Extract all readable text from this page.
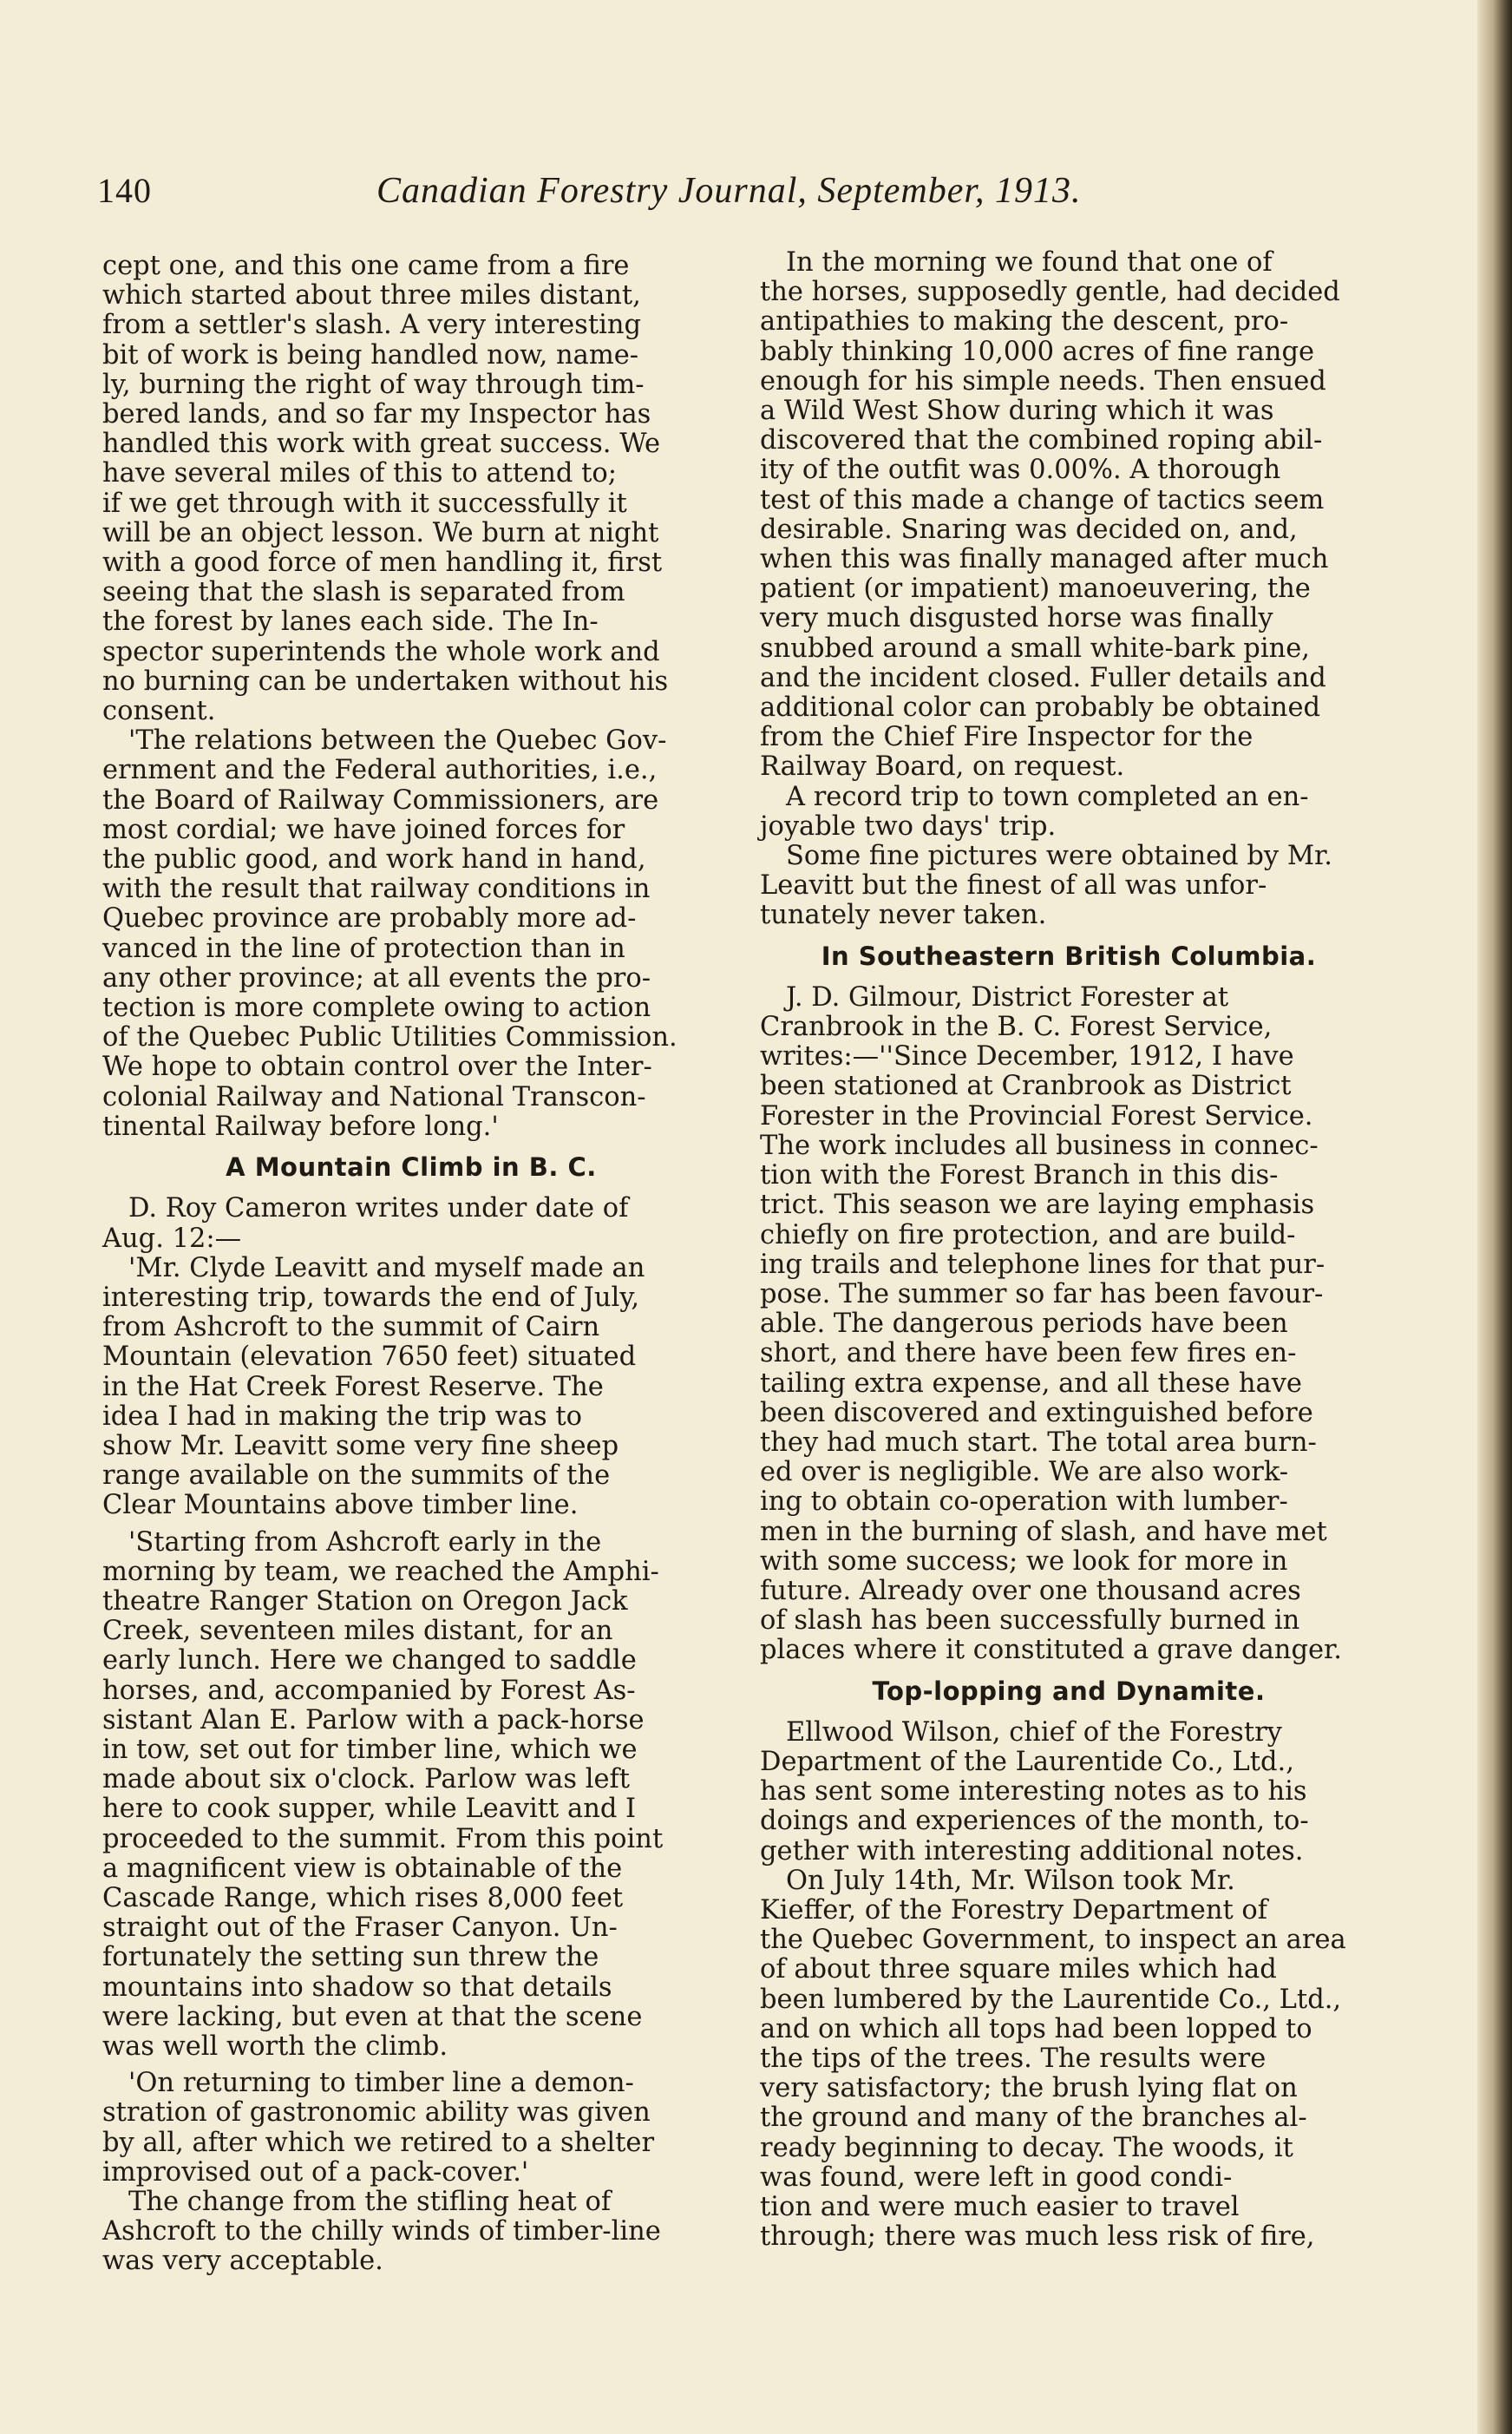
140	Canadian Forestry Journal, September, 1913.

cept one, and this one came from a fire
which started about three miles distant,
from a settler's slash. A very interesting
bit of work is being handled now, name-
ly, burning the right of way through tim-
bered lands, and so far my Inspector has
handled this work with great success. We
have several miles of this to attend to;
if we get through with it successfully it
will be an object lesson. We burn at night
with a good force of men handling it, first
seeing that the slash is separated from
the forest by lanes each side. The In-
spector superintends the whole work and
no burning can be undertaken without his
consent.

'The relations between the Quebec Gov-
ernment and the Federal authorities, i.e.,
the Board of Railway Commissioners, are
most cordial; we have joined forces for
the public good, and work hand in hand,
with the result that railway conditions in
Quebec province are probably more ad-
vanced in the line of protection than in
any other province; at all events the pro-
tection is more complete owing to action
of the Quebec Public Utilities Commission.
We hope to obtain control over the Inter-
colonial Railway and National Transcon-
tinental Railway before long.'

A Mountain Climb in B. C.

D. Roy Cameron writes under date of
Aug. 12:—

'Mr. Clyde Leavitt and myself made an
interesting trip, towards the end of July,
from Ashcroft to the summit of Cairn
Mountain (elevation 7650 feet) situated
in the Hat Creek Forest Reserve. The
idea I had in making the trip was to
show Mr. Leavitt some very fine sheep
range available on the summits of the
Clear Mountains above timber line.

'Starting from Ashcroft early in the
morning by team, we reached the Amphi-
theatre Ranger Station on Oregon Jack
Creek, seventeen miles distant, for an
early lunch. Here we changed to saddle
horses, and, accompanied by Forest As-
sistant Alan E. Parlow with a pack-horse
in tow, set out for timber line, which we
made about six o'clock. Parlow was left
here to cook supper, while Leavitt and I
proceeded to the summit. From this point
a magnificent view is obtainable of the
Cascade Range, which rises 8,000 feet
straight out of the Fraser Canyon. Un-
fortunately the setting sun threw the
mountains into shadow so that details
were lacking, but even at that the scene
was well worth the climb.

'On returning to timber line a demon-
stration of gastronomic ability was given
by all, after which we retired to a shelter
improvised out of a pack-cover.'

The change from the stifling heat of
Ashcroft to the chilly winds of timber-line
was very acceptable.

In the morning we found that one of
the horses, supposedly gentle, had decided
antipathies to making the descent, pro-
bably thinking 10,000 acres of fine range
enough for his simple needs. Then ensued
a Wild West Show during which it was
discovered that the combined roping abil-
ity of the outfit was 0.00%. A thorough
test of this made a change of tactics seem
desirable. Snaring was decided on, and,
when this was finally managed after much
patient (or impatient) manoeuvering, the
very much disgusted horse was finally
snubbed around a small white-bark pine,
and the incident closed. Fuller details and
additional color can probably be obtained
from the Chief Fire Inspector for the
Railway Board, on request.

A record trip to town completed an en-
joyable two days' trip.

Some fine pictures were obtained by Mr.
Leavitt but the finest of all was unfor-
tunately never taken.

In Southeastern British Columbia.

J. D. Gilmour, District Forester at
Cranbrook in the B. C. Forest Service,
writes:—''Since December, 1912, I have
been stationed at Cranbrook as District
Forester in the Provincial Forest Service.
The work includes all business in connec-
tion with the Forest Branch in this dis-
trict. This season we are laying emphasis
chiefly on fire protection, and are build-
ing trails and telephone lines for that pur-
pose. The summer so far has been favour-
able. The dangerous periods have been
short, and there have been few fires en-
tailing extra expense, and all these have
been discovered and extinguished before
they had much start. The total area burn-
ed over is negligible. We are also work-
ing to obtain co-operation with lumber-
men in the burning of slash, and have met
with some success; we look for more in
future. Already over one thousand acres
of slash has been successfully burned in
places where it constituted a grave danger.

Top-lopping and Dynamite.

Ellwood Wilson, chief of the Forestry
Department of the Laurentide Co., Ltd.,
has sent some interesting notes as to his
doings and experiences of the month, to-
gether with interesting additional notes.

On July 14th, Mr. Wilson took Mr.
Kieffer, of the Forestry Department of
the Quebec Government, to inspect an area
of about three square miles which had
been lumbered by the Laurentide Co., Ltd.,
and on which all tops had been lopped to
the tips of the trees. The results were
very satisfactory; the brush lying flat on
the ground and many of the branches al-
ready beginning to decay. The woods, it
was found, were left in good condi-
tion and were much easier to travel
through; there was much less risk of fire,
